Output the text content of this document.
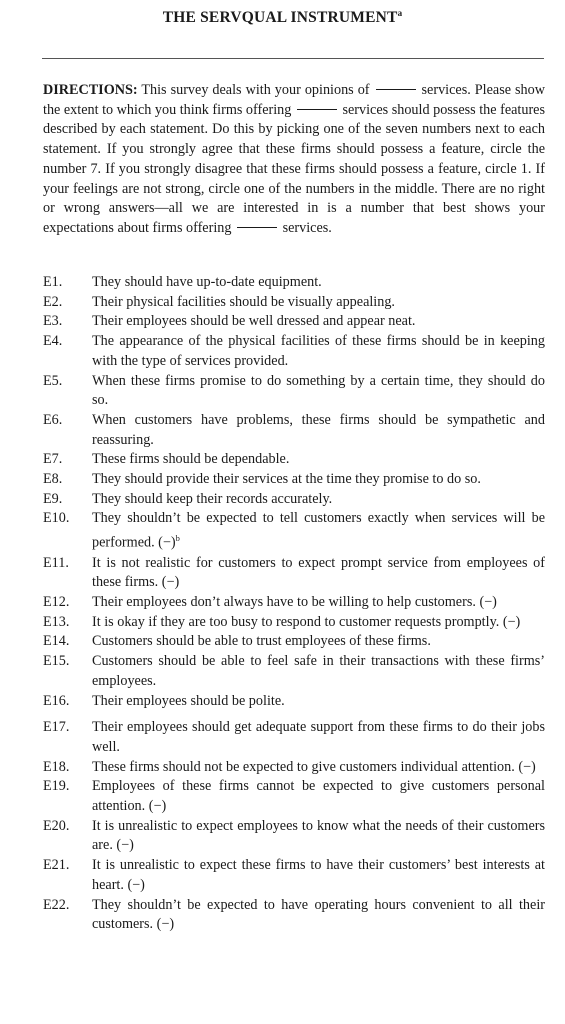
THE SERVQUAL INSTRUMENT$^a$
DIRECTIONS: This survey deals with your opinions of	services. Please show the extent to which you think firms offering	services should possess the features described by each statement. Do this by picking one of the seven numbers next to each statement. If you strongly agree that these firms should possess a feature, circle the number 7. If you strongly disagree that these firms should possess a feature, circle 1. If your feelings are not strong, circle one of the numbers in the middle. There are no right or wrong answers—all we are interested in is a number that best shows your expectations about firms offering	services.
E1.	They should have up-to-date equipment.
E2.	Their physical facilities should be visually appealing.
E3.	Their employees should be well dressed and appear neat.
E4.	The appearance of the physical facilities of these firms should be in keeping with the type of services provided.
E5.	When these firms promise to do something by a certain time, they should do so.
E6.	When customers have problems, these firms should be sympathetic and reassuring.
E7.	These firms should be dependable.
E8.	They should provide their services at the time they promise to do so.
E9.	They should keep their records accurately.
E10.	They shouldn’t be expected to tell customers exactly when services will be performed. $(-)^b$
E11.	It is not realistic for customers to expect prompt service from employees of these firms. (−)
E12.	Their employees don’t always have to be willing to help customers. (−)
E13.	It is okay if they are too busy to respond to customer requests promptly. (−)
E14.	Customers should be able to trust employees of these firms.
E15.	Customers should be able to feel safe in their transactions with these firms’ employees.
E16.	Their employees should be polite.
E17.	Their employees should get adequate support from these firms to do their jobs well.
E18.	These firms should not be expected to give customers individual attention. (−)
E19.	Employees of these firms cannot be expected to give customers personal attention. (−)
E20.	It is unrealistic to expect employees to know what the needs of their customers are. (−)
E21.	It is unrealistic to expect these firms to have their customers’ best interests at heart. (−)
E22.	They shouldn’t be expected to have operating hours convenient to all their customers. (−)
